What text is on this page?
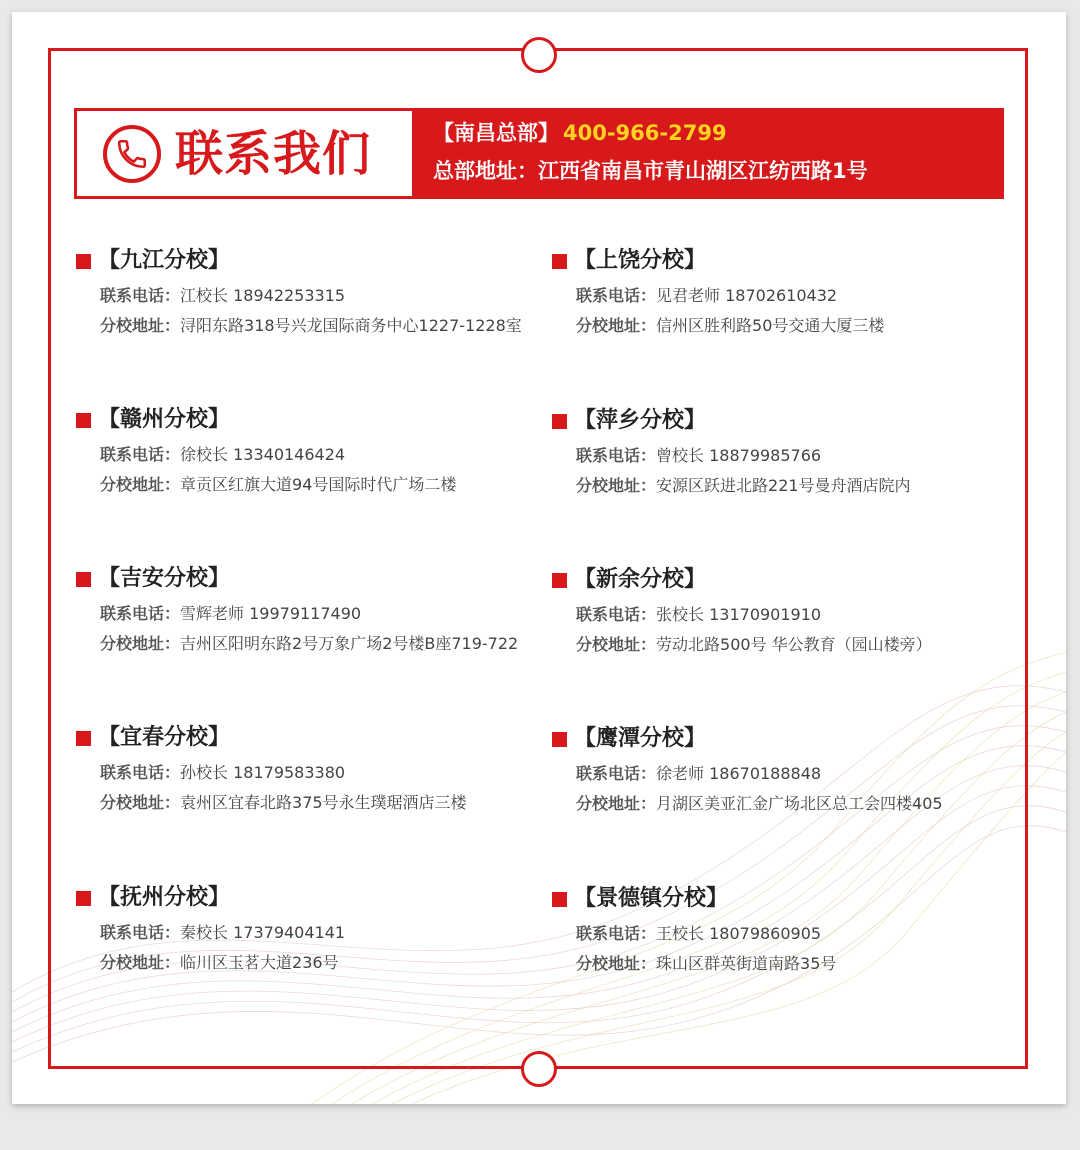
联系我们	【南昌总部】 400-966-2799
总部地址：江西省南昌市青山湖区江纺西路1号
【九江分校】
联系电话：江校长 18942253315
分校地址：浔阳东路318号兴龙国际商务中心1227-1228室
【上饶分校】
联系电话：见君老师 18702610432
分校地址：信州区胜利路50号交通大厦三楼
【赣州分校】
联系电话：徐校长 13340146424
分校地址：章贡区红旗大道94号国际时代广场二楼
【萍乡分校】
联系电话：曾校长 18879985766
分校地址：安源区跃进北路221号曼舟酒店院内
【吉安分校】
联系电话：雪辉老师 19979117490
分校地址：吉州区阳明东路2号万象广场2号楼B座719-722
【新余分校】
联系电话：张校长 13170901910
分校地址：劳动北路500号 华公教育（园山楼旁）
【宜春分校】
联系电话：孙校长 18179583380
分校地址：袁州区宜春北路375号永生璞琚酒店三楼
【鹰潭分校】
联系电话：徐老师 18670188848
分校地址：月湖区美亚汇金广场北区总工会四楼405
【抚州分校】
联系电话：秦校长 17379404141
分校地址：临川区玉茗大道236号
【景德镇分校】
联系电话：王校长 18079860905
分校地址：珠山区群英街道南路35号
